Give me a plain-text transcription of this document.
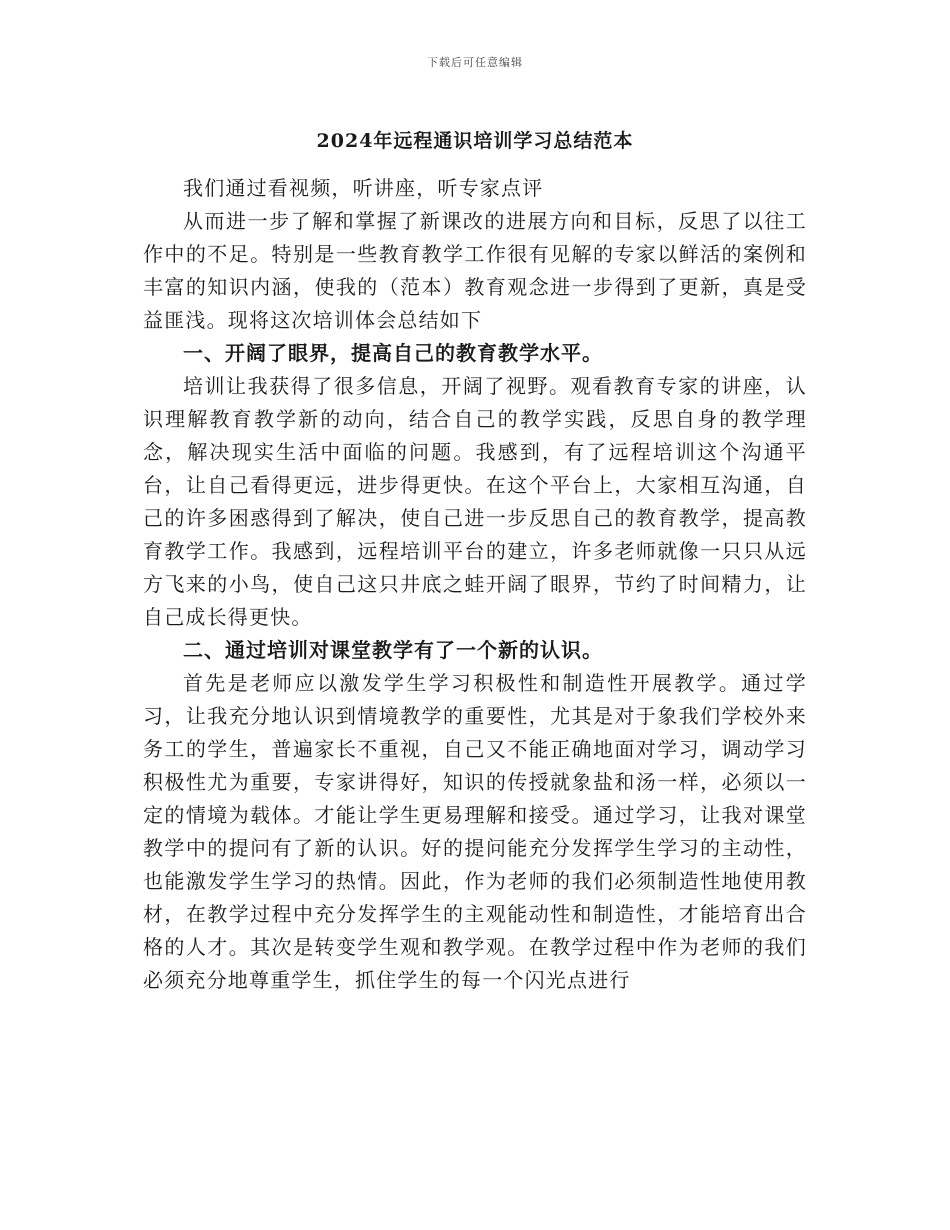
下载后可任意编辑
2024年远程通识培训学习总结范本

我们通过看视频，听讲座，听专家点评

从而进一步了解和掌握了新课改的进展方向和目标，反思了以往工作中的不足。特别是一些教育教学工作很有见解的专家以鲜活的案例和丰富的知识内涵，使我的（范本）教育观念进一步得到了更新，真是受益匪浅。现将这次培训体会总结如下

一、开阔了眼界，提高自己的教育教学水平。

培训让我获得了很多信息，开阔了视野。观看教育专家的讲座，认识理解教育教学新的动向，结合自己的教学实践，反思自身的教学理念，解决现实生活中面临的问题。我感到，有了远程培训这个沟通平台，让自己看得更远，进步得更快。在这个平台上，大家相互沟通，自己的许多困惑得到了解决，使自己进一步反思自己的教育教学，提高教育教学工作。我感到，远程培训平台的建立，许多老师就像一只只从远方飞来的小鸟，使自己这只井底之蛙开阔了眼界，节约了时间精力，让自己成长得更快。

二、通过培训对课堂教学有了一个新的认识。

首先是老师应以激发学生学习积极性和制造性开展教学。通过学习，让我充分地认识到情境教学的重要性，尤其是对于象我们学校外来务工的学生，普遍家长不重视，自己又不能正确地面对学习，调动学习积极性尤为重要，专家讲得好，知识的传授就象盐和汤一样，必须以一定的情境为载体。才能让学生更易理解和接受。通过学习，让我对课堂教学中的提问有了新的认识。好的提问能充分发挥学生学习的主动性，也能激发学生学习的热情。因此，作为老师的我们必须制造性地使用教材，在教学过程中充分发挥学生的主观能动性和制造性，才能培育出合格的人才。其次是转变学生观和教学观。在教学过程中作为老师的我们必须充分地尊重学生，抓住学生的每一个闪光点进行
